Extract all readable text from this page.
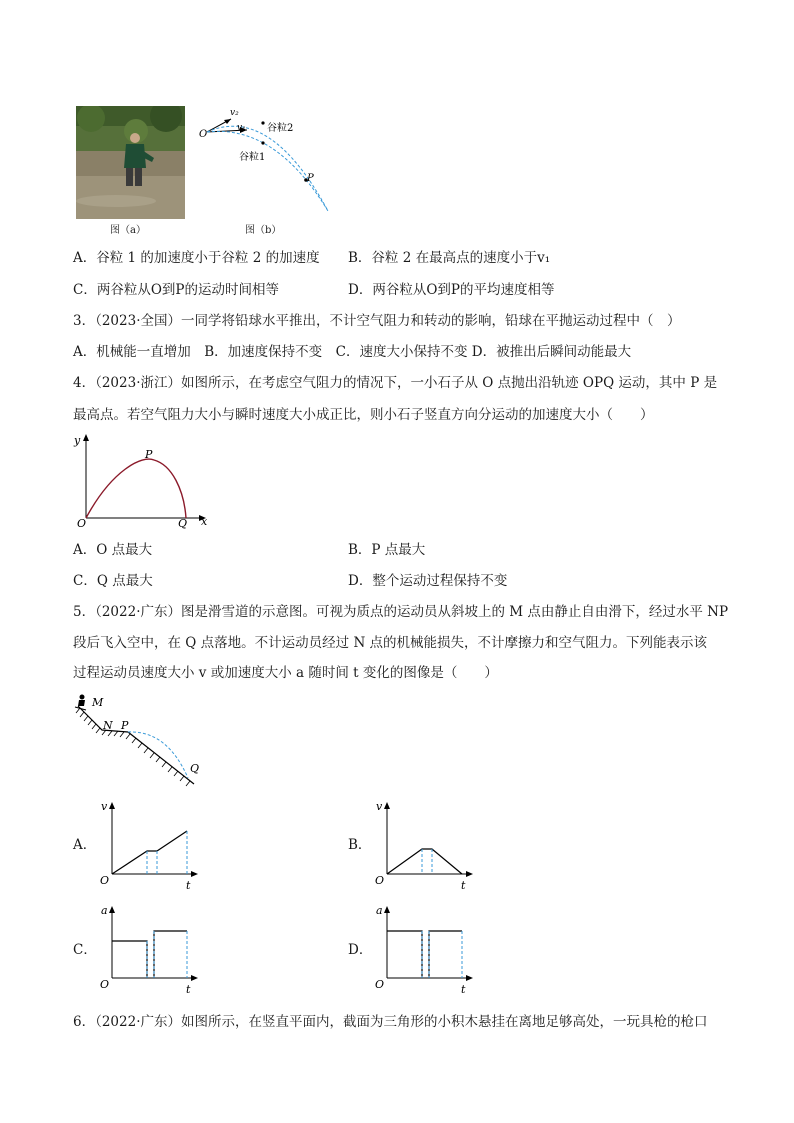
图（a）
O
v₂
v₁ 谷粒2
谷粒1
P
图（b）
A．谷粒 1 的加速度小于谷粒 2 的加速度 B．谷粒 2 在最高点的速度小于v₁
C．两谷粒从O到P的运动时间相等	D．两谷粒从O到P的平均速度相等
3．（2023·全国）一同学将铅球水平推出，不计空气阻力和转动的影响，铅球在平抛运动过程中（　）
A．机械能一直增加　B．加速度保持不变　C．速度大小保持不变 D．被推出后瞬间动能最大
4．（2023·浙江）如图所示，在考虑空气阻力的情况下，一小石子从 O 点抛出沿轨迹 OPQ 运动，其中 P 是
最高点。若空气阻力大小与瞬时速度大小成正比，则小石子竖直方向分运动的加速度大小（　　）
y
x
O
P
Q
A．O 点最大	B．P 点最大
C．Q 点最大	D．整个运动过程保持不变
5．（2022·广东）图是滑雪道的示意图。可视为质点的运动员从斜坡上的 M 点由静止自由滑下，经过水平 NP
段后飞入空中，在 Q 点落地。不计运动员经过 N 点的机械能损失，不计摩擦力和空气阻力。下列能表示该
过程运动员速度大小 v 或加速度大小 a 随时间 t 变化的图像是（　　）
M
N P
Q
A．
v
O	t
B．
v
O	t
C．
a
O	t
D．
a
O	t
6．（2022·广东）如图所示，在竖直平面内，截面为三角形的小积木悬挂在离地足够高处，一玩具枪的枪口
